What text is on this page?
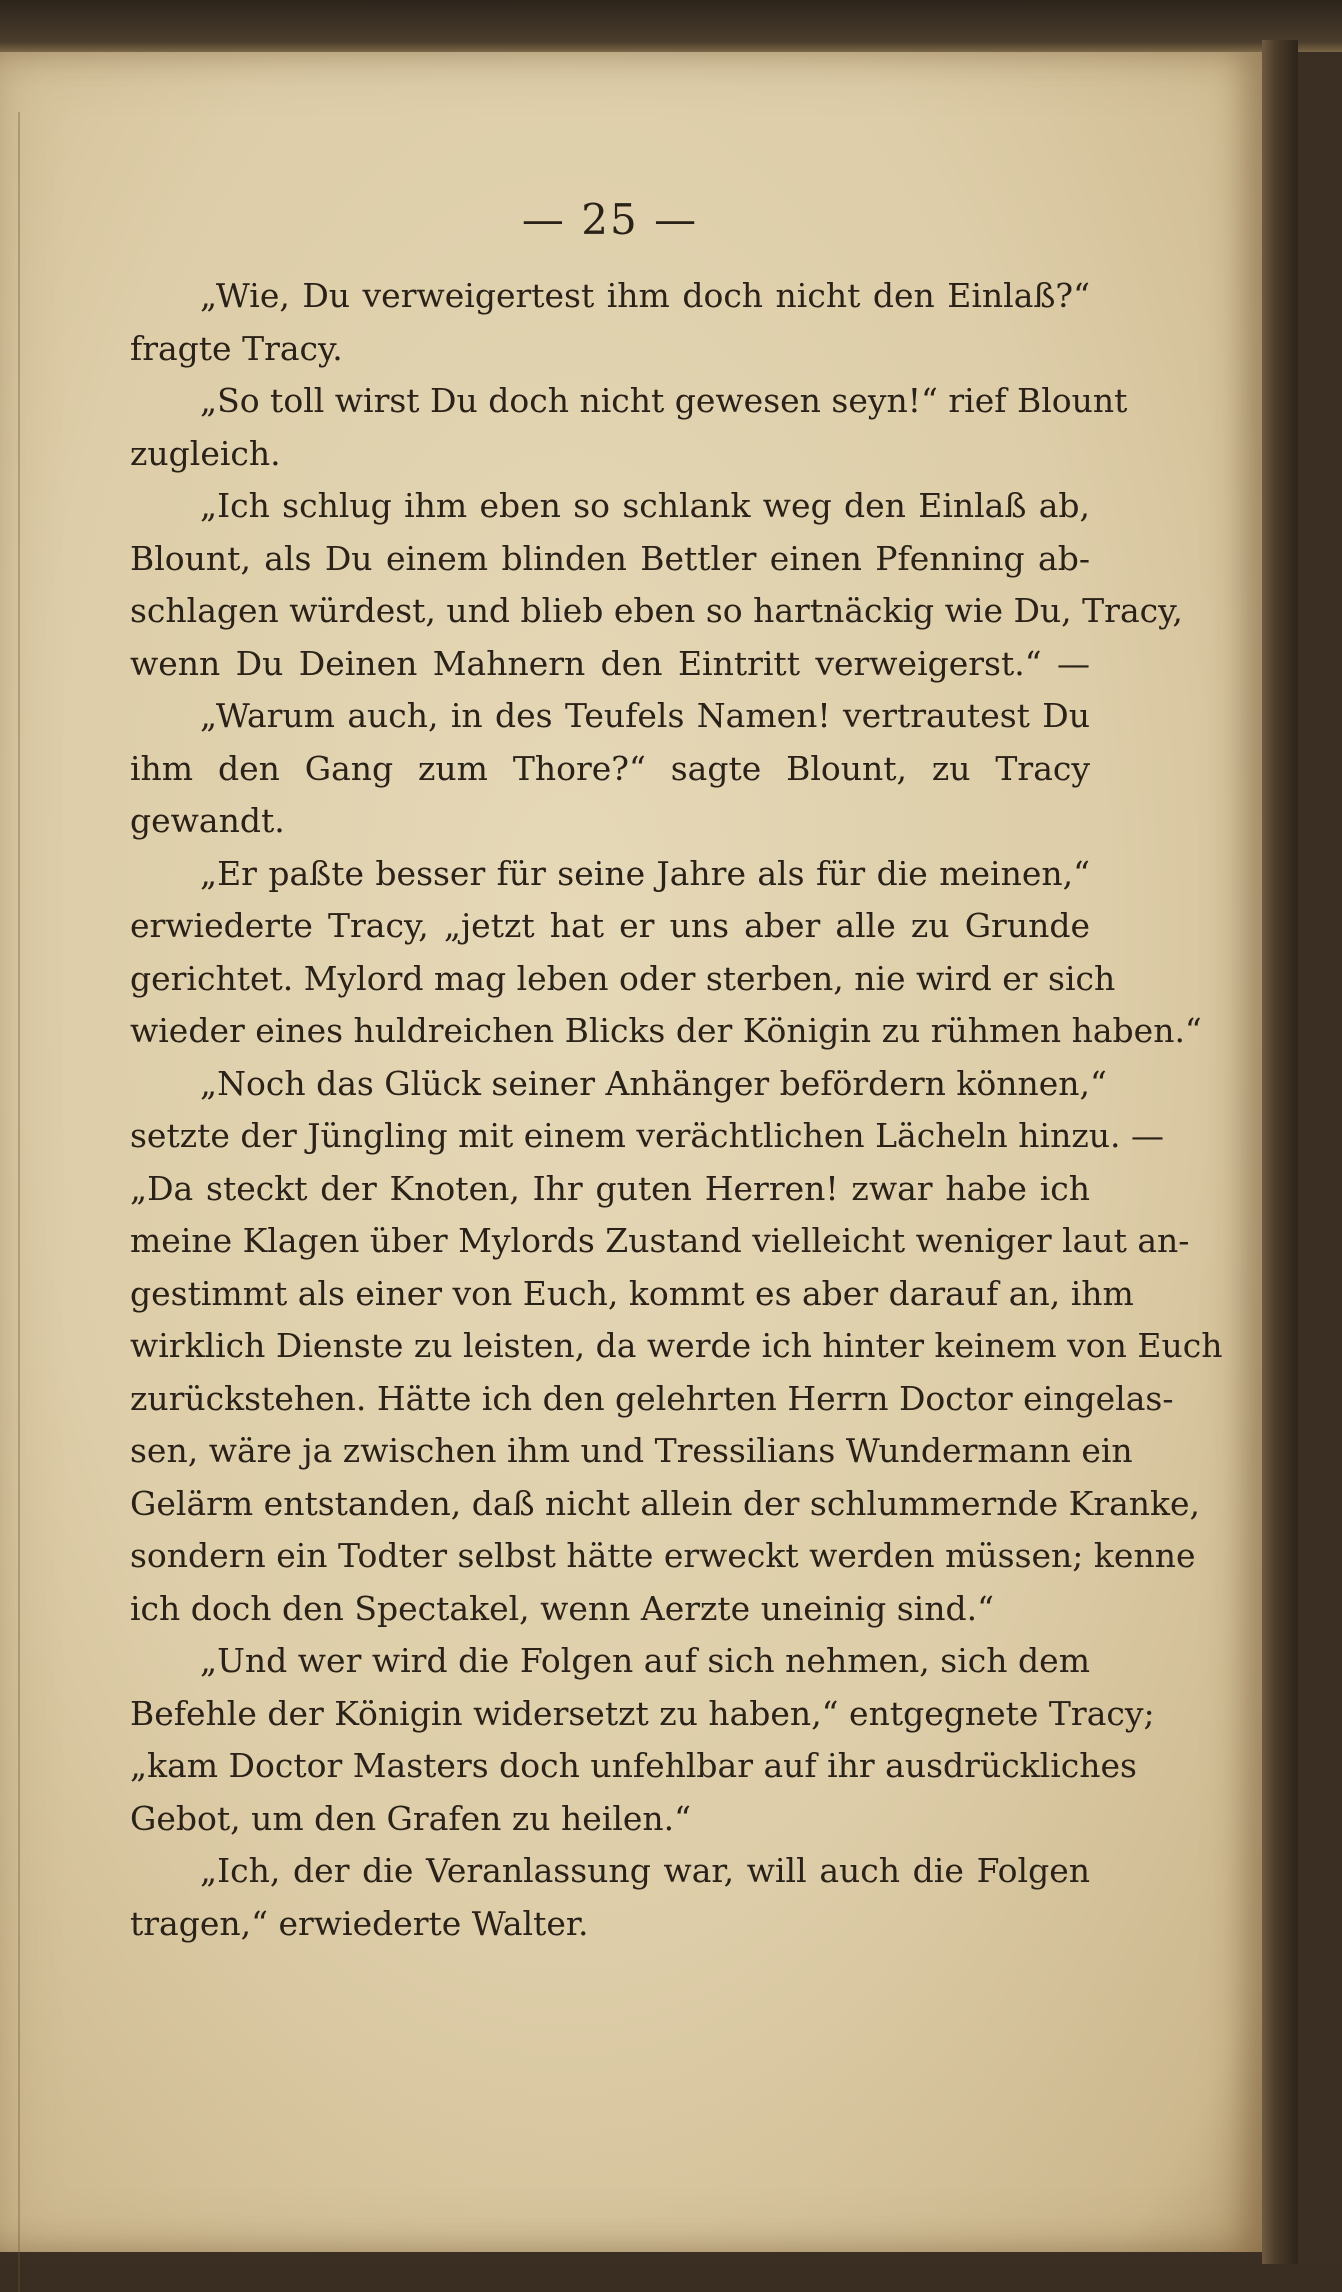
— 25 —
„Wie, Du verweigertest ihm doch nicht den Einlaß?“
fragte Tracy.
„So toll wirst Du doch nicht gewesen seyn!“ rief Blount
zugleich.
„Ich schlug ihm eben so schlank weg den Einlaß ab,
Blount, als Du einem blinden Bettler einen Pfenning ab-
schlagen würdest, und blieb eben so hartnäckig wie Du, Tracy,
wenn Du Deinen Mahnern den Eintritt verweigerst.“ —
„Warum auch, in des Teufels Namen! vertrautest Du
ihm den Gang zum Thore?“ sagte Blount, zu Tracy
gewandt.
„Er paßte besser für seine Jahre als für die meinen,“
erwiederte Tracy, „jetzt hat er uns aber alle zu Grunde
gerichtet. Mylord mag leben oder sterben, nie wird er sich
wieder eines huldreichen Blicks der Königin zu rühmen haben.“
„Noch das Glück seiner Anhänger befördern können,“
setzte der Jüngling mit einem verächtlichen Lächeln hinzu. —
„Da steckt der Knoten, Ihr guten Herren! zwar habe ich
meine Klagen über Mylords Zustand vielleicht weniger laut an-
gestimmt als einer von Euch, kommt es aber darauf an, ihm
wirklich Dienste zu leisten, da werde ich hinter keinem von Euch
zurückstehen. Hätte ich den gelehrten Herrn Doctor eingelas-
sen, wäre ja zwischen ihm und Tressilians Wundermann ein
Gelärm entstanden, daß nicht allein der schlummernde Kranke,
sondern ein Todter selbst hätte erweckt werden müssen; kenne
ich doch den Spectakel, wenn Aerzte uneinig sind.“
„Und wer wird die Folgen auf sich nehmen, sich dem
Befehle der Königin widersetzt zu haben,“ entgegnete Tracy;
„kam Doctor Masters doch unfehlbar auf ihr ausdrückliches
Gebot, um den Grafen zu heilen.“
„Ich, der die Veranlassung war, will auch die Folgen
tragen,“ erwiederte Walter.
